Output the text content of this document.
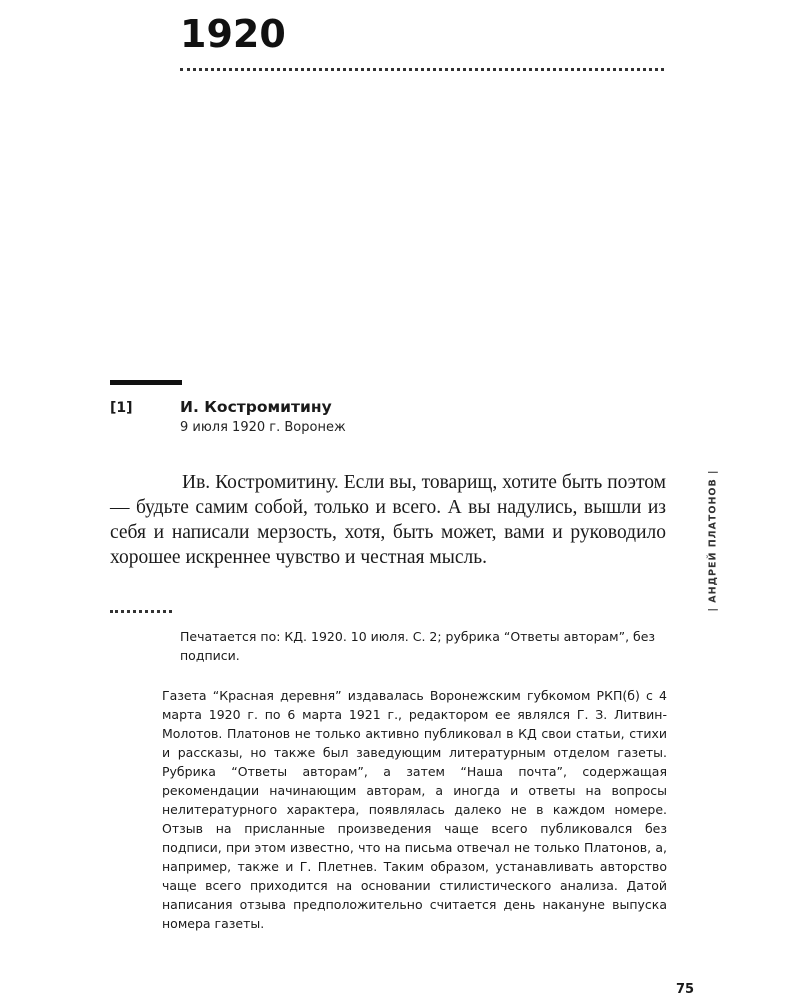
1920
[1]	И. Костромитину
9 июля 1920 г. Воронеж

Ив. Костромитину. Если вы, товарищ, хотите быть поэтом — будьте самим собой, только и всего. А вы надулись, вышли из себя и написали мерзость, хотя, быть может, вами и руководило хорошее искреннее чувство и честная мысль.

Печатается по: КД. 1920. 10 июля. С. 2; рубрика “Ответы авторам”, без подписи.

Газета “Красная деревня” издавалась Воронежским губкомом РКП(б) с 4 марта 1920 г. по 6 марта 1921 г., редактором ее являлся Г. З. Литвин-Молотов. Платонов не только активно публиковал в КД свои статьи, стихи и рассказы, но также был заведующим литературным отделом газеты. Рубрика “Ответы авторам”, а затем “Наша почта”, содержащая рекомендации начинающим авторам, а иногда и ответы на вопросы нелитературного характера, появлялась далеко не в каждом номере. Отзыв на присланные произведения чаще всего публиковался без подписи, при этом известно, что на письма отвечал не только Платонов, а, например, также и Г. Плетнев. Таким образом, устанавливать авторство чаще всего приходится на основании стилистического анализа. Датой написания отзыва предположительно считается день накануне выпуска номера газеты.

| АНДРЕЙ ПЛАТОНОВ |
75
